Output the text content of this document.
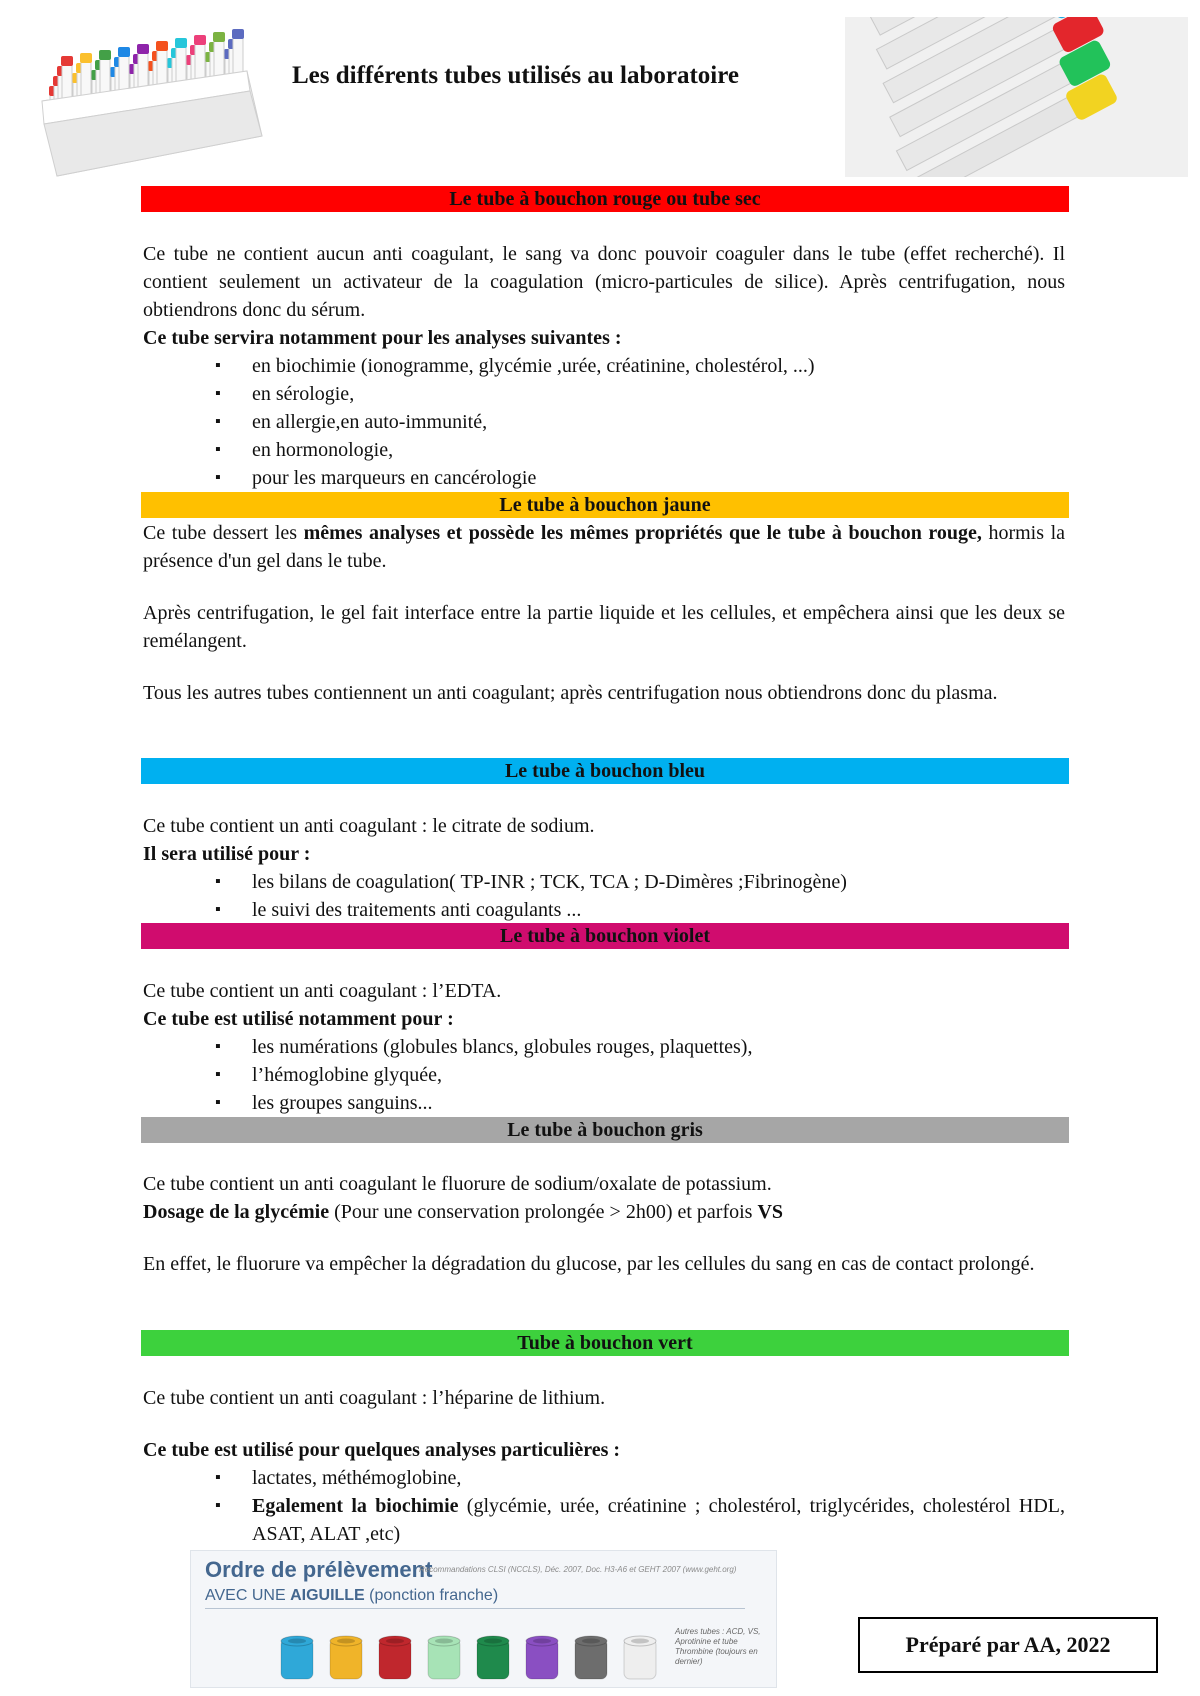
Les différents tubes utilisés au laboratoire
Le tube à bouchon rouge ou tube sec

Ce tube ne contient aucun anti coagulant, le sang va donc pouvoir coaguler dans le tube (effet recherché). Il contient seulement un activateur de la coagulation (micro-particules de silice). Après centrifugation, nous obtiendrons donc du sérum.

Ce tube servira notamment pour les analyses suivantes :

▪ en biochimie (ionogramme, glycémie ,urée, créatinine, cholestérol, ...)
▪ en sérologie,
▪ en allergie,en auto-immunité,
▪ en hormonologie,
▪ pour les marqueurs en cancérologie
Le tube à bouchon jaune

Ce tube dessert les mêmes analyses et possède les mêmes propriétés que le tube à bouchon rouge, hormis la présence d'un gel dans le tube.

Après centrifugation, le gel fait interface entre la partie liquide et les cellules, et empêchera ainsi que les deux se remélangent.

Tous les autres tubes contiennent un anti coagulant; après centrifugation nous obtiendrons donc du plasma.

Le tube à bouchon bleu

Ce tube contient un anti coagulant : le citrate de sodium.

Il sera utilisé pour :

▪ les bilans de coagulation( TP-INR ; TCK, TCA ; D-Dimères ;Fibrinogène)
▪ le suivi des traitements anti coagulants ...
Le tube à bouchon violet

Ce tube contient un anti coagulant : l’EDTA.

Ce tube est utilisé notamment pour :

▪ les numérations (globules blancs, globules rouges, plaquettes),
▪ l’hémoglobine glyquée,
▪ les groupes sanguins...
Le tube à bouchon gris

Ce tube contient un anti coagulant le fluorure de sodium/oxalate de potassium.

Dosage de la glycémie (Pour une conservation prolongée > 2h00) et parfois VS

En effet, le fluorure va empêcher la dégradation du glucose, par les cellules du sang en cas de contact prolongé.

Tube à bouchon vert

Ce tube contient un anti coagulant : l’héparine de lithium.

Ce tube est utilisé pour quelques analyses particulières :

▪ lactates, méthémoglobine,
▪ Egalement la biochimie (glycémie, urée, créatinine ; cholestérol, triglycérides, cholestérol HDL, ASAT, ALAT ,etc)
Ordre de prélèvement
Recommandations CLSI (NCCLS), Déc. 2007, Doc. H3-A6 et GEHT 2007 (www.geht.org)
AVEC UNE AIGUILLE (ponction franche)
Autres tubes : ACD, VS, Aprotinine et tube Thrombine (toujours en dernier)
Préparé par AA, 2022
